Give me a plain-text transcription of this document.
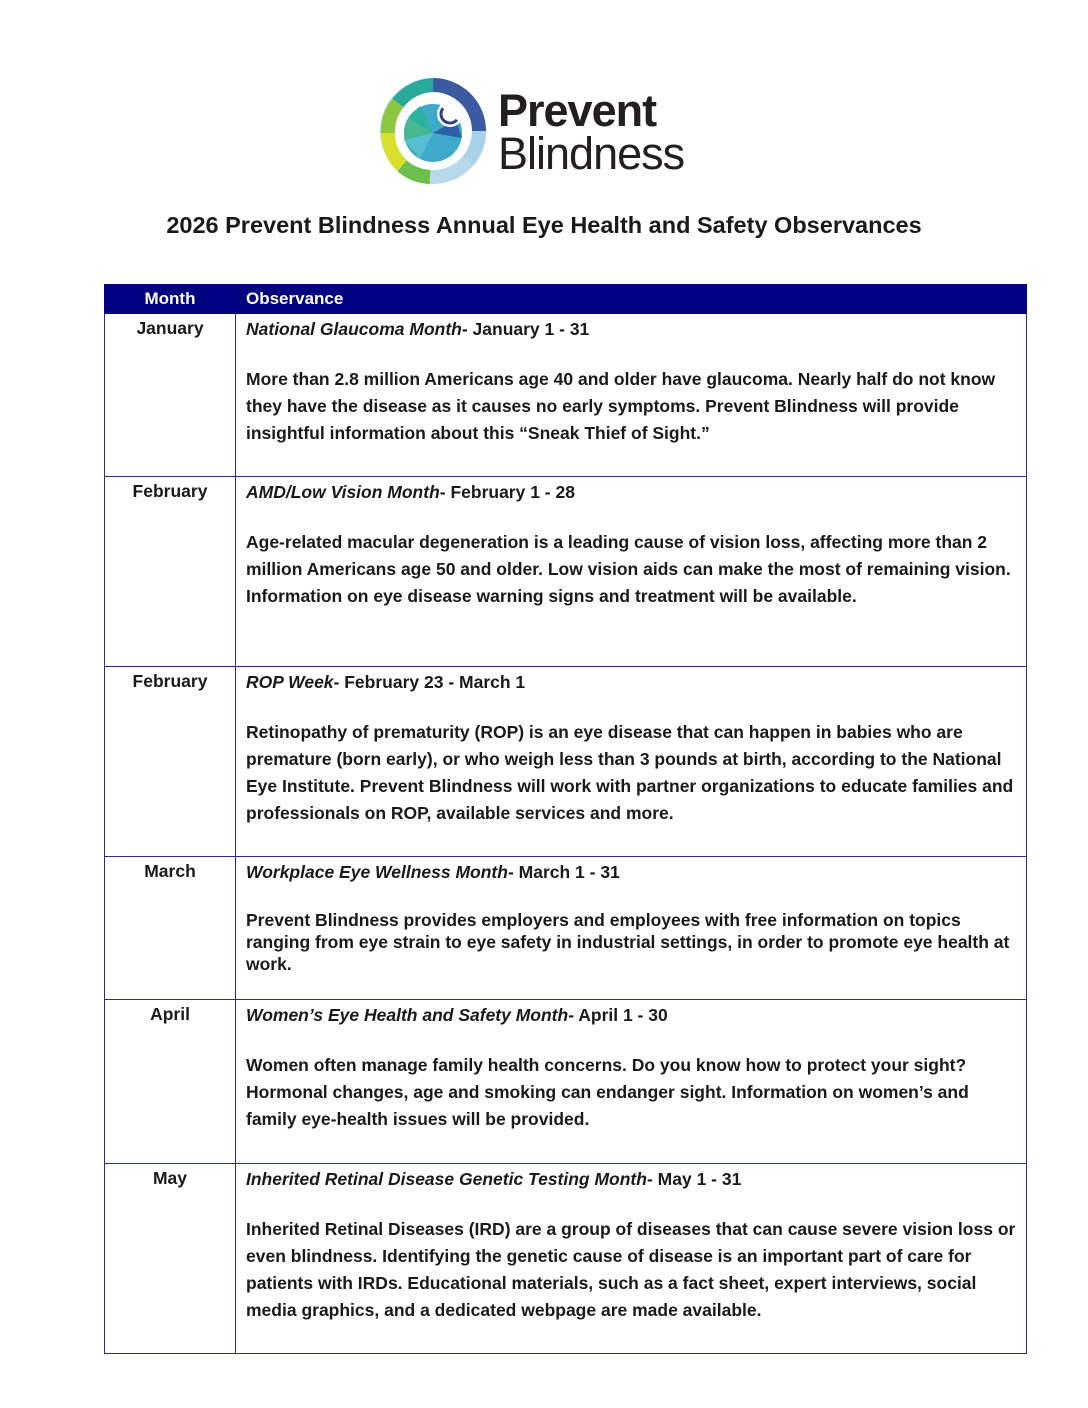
Prevent
Blindness
2026 Prevent Blindness Annual Eye Health and Safety Observances
Month	Observance
January	National Glaucoma Month- January 1 - 31
More than 2.8 million Americans age 40 and older have glaucoma. Nearly half do not know they have the disease as it causes no early symptoms. Prevent Blindness will provide insightful information about this “Sneak Thief of Sight.”

February	AMD/Low Vision Month- February 1 - 28
Age-related macular degeneration is a leading cause of vision loss, affecting more than 2 million Americans age 50 and older. Low vision aids can make the most of remaining vision. Information on eye disease warning signs and treatment will be available.

February	ROP Week- February 23 - March 1
Retinopathy of prematurity (ROP) is an eye disease that can happen in babies who are premature (born early), or who weigh less than 3 pounds at birth, according to the National Eye Institute. Prevent Blindness will work with partner organizations to educate families and professionals on ROP, available services and more.

March	Workplace Eye Wellness Month- March 1 - 31
Prevent Blindness provides employers and employees with free information on topics ranging from eye strain to eye safety in industrial settings, in order to promote eye health at work.

April	Women’s Eye Health and Safety Month- April 1 - 30
Women often manage family health concerns. Do you know how to protect your sight? Hormonal changes, age and smoking can endanger sight. Information on women’s and family eye-health issues will be provided.

May	Inherited Retinal Disease Genetic Testing Month- May 1 - 31
Inherited Retinal Diseases (IRD) are a group of diseases that can cause severe vision loss or even blindness. Identifying the genetic cause of disease is an important part of care for patients with IRDs. Educational materials, such as a fact sheet, expert interviews, social media graphics, and a dedicated webpage are made available.
